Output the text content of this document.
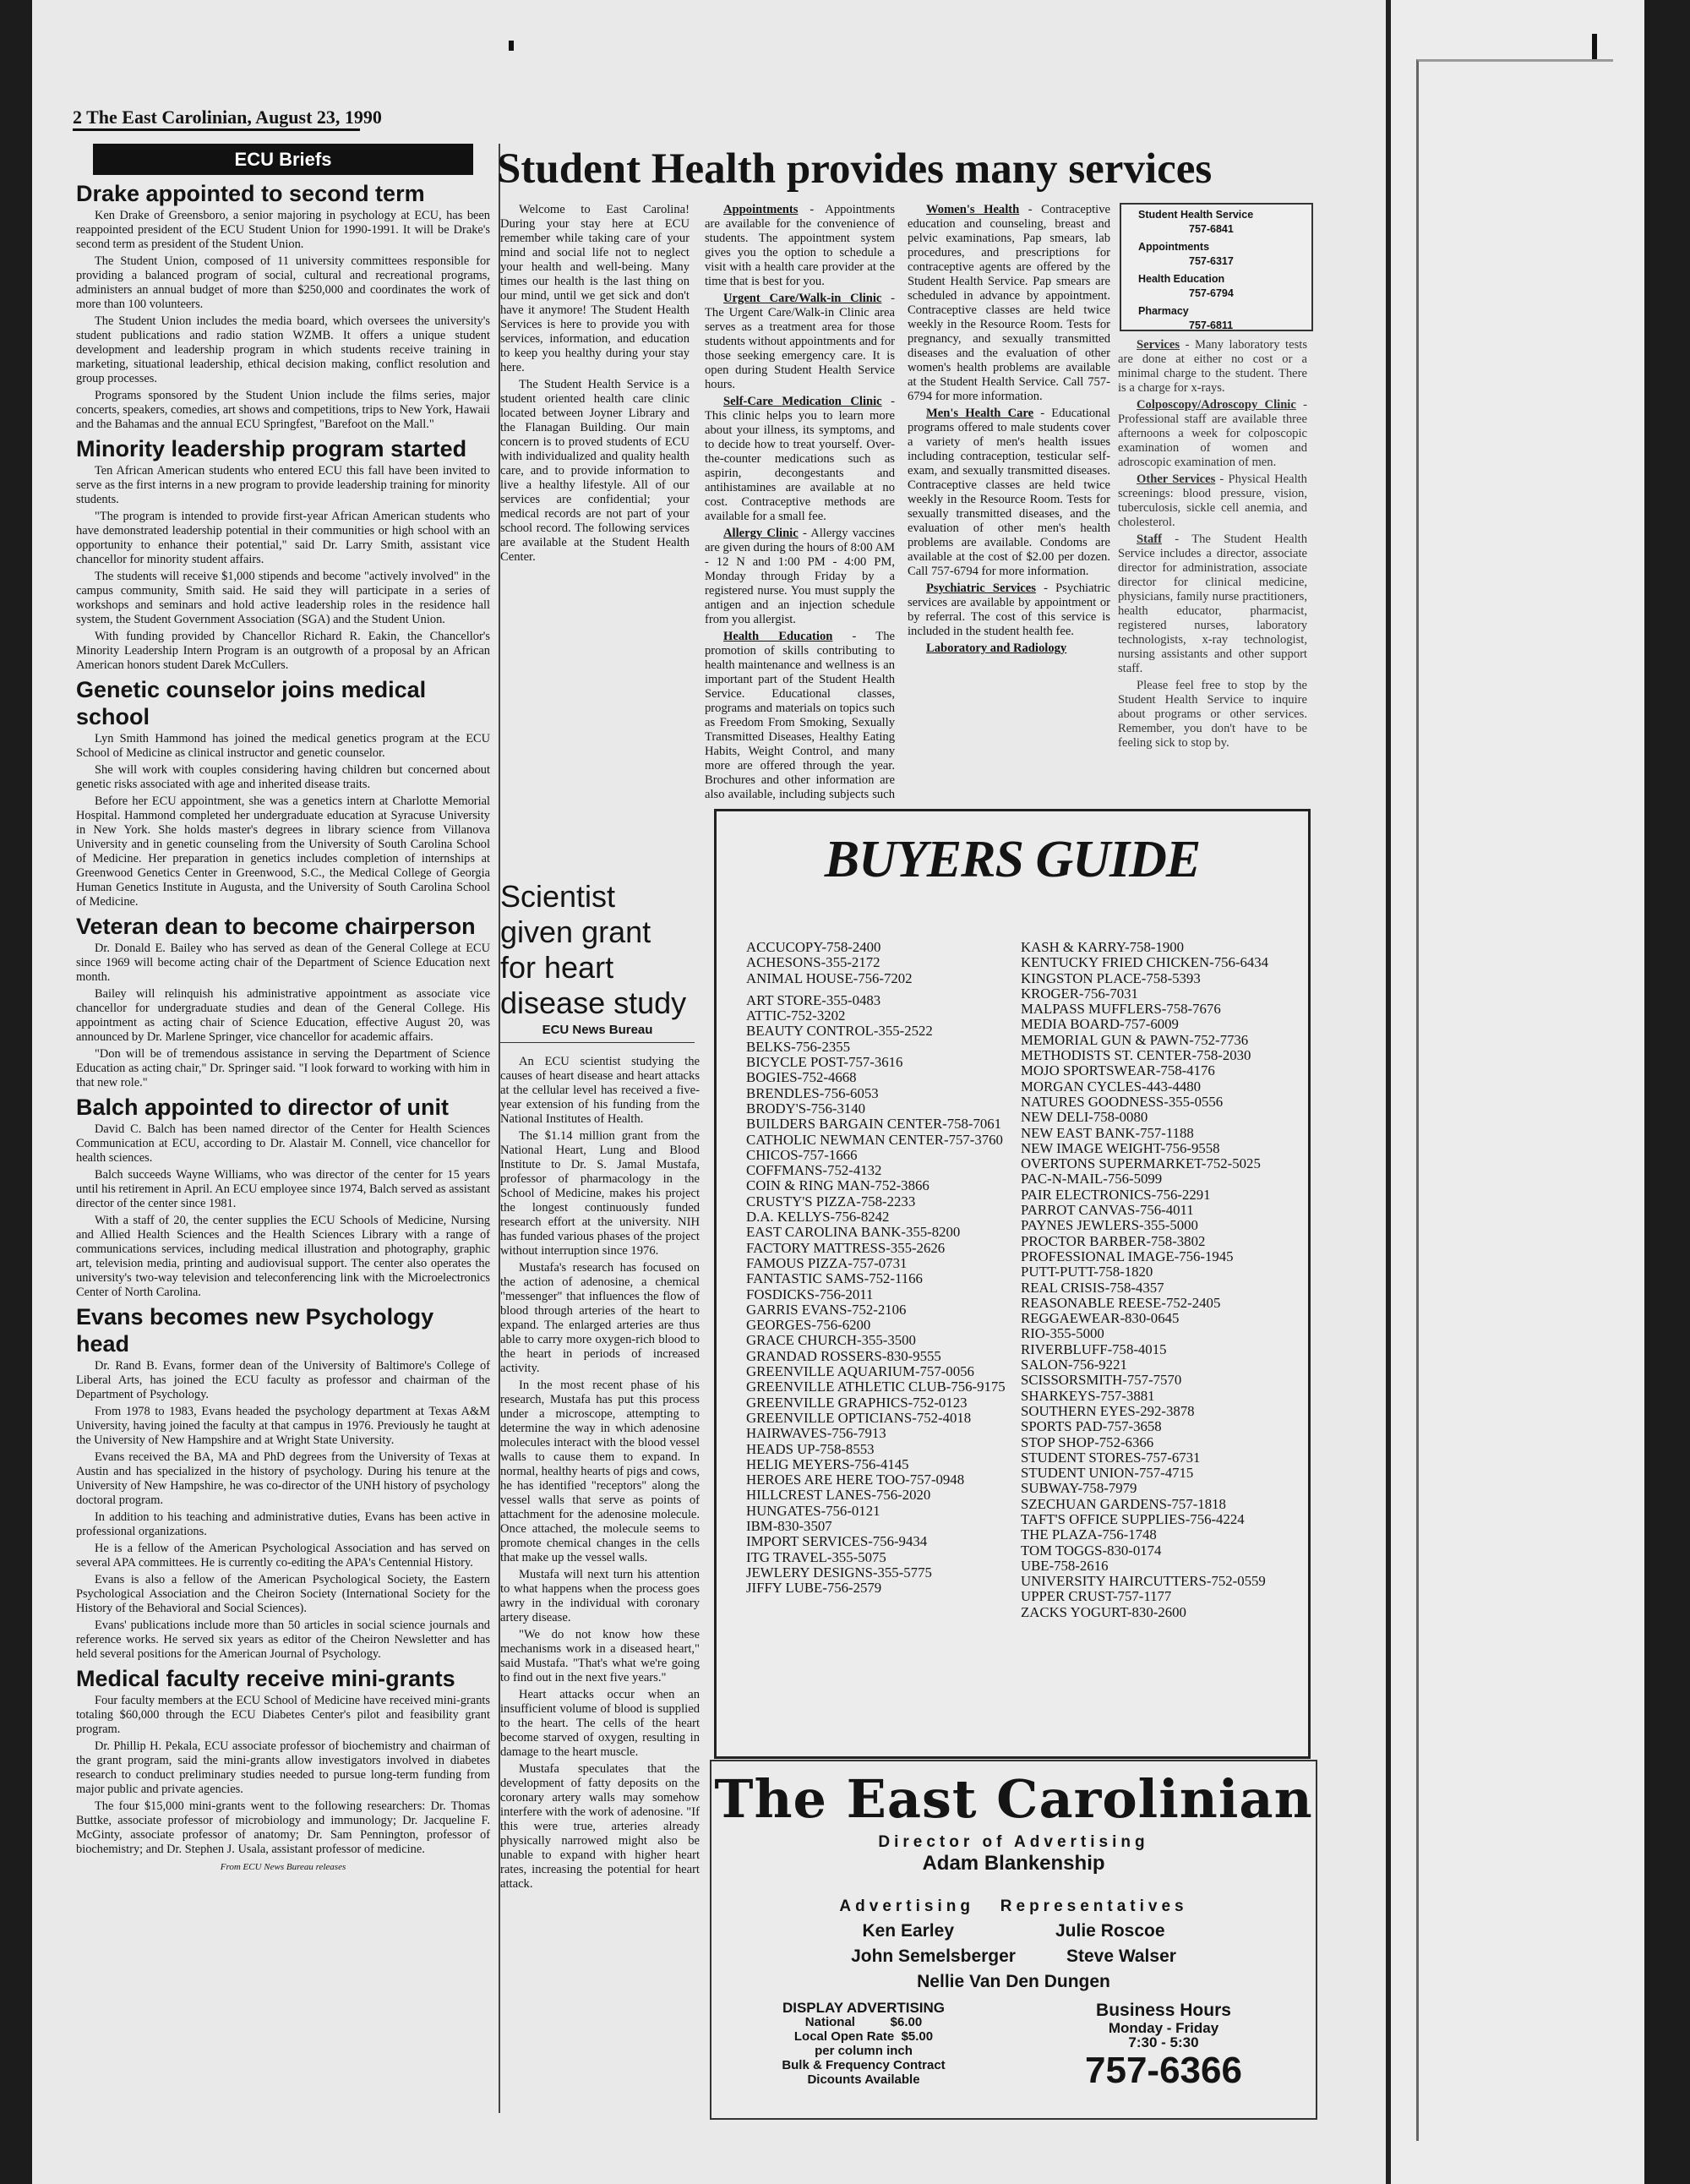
2 The East Carolinian, August 23, 1990
ECU Briefs
Drake appointed to second term

Ken Drake of Greensboro, a senior majoring in psychology at ECU, has been reappointed president of the ECU Student Union for 1990-1991. It will be Drake's second term as president of the Student Union.

The Student Union, composed of 11 university committees responsible for providing a balanced program of social, cultural and recreational programs, administers an annual budget of more than $250,000 and coordinates the work of more than 100 volunteers.

The Student Union includes the media board, which oversees the university's student publications and radio station WZMB. It offers a unique student development and leadership program in which students receive training in marketing, situational leadership, ethical decision making, conflict resolution and group processes.

Programs sponsored by the Student Union include the films series, major concerts, speakers, comedies, art shows and competitions, trips to New York, Hawaii and the Bahamas and the annual ECU Springfest, "Barefoot on the Mall."

Minority leadership program started

Ten African American students who entered ECU this fall have been invited to serve as the first interns in a new program to provide leadership training for minority students.

"The program is intended to provide first-year African American students who have demonstrated leadership potential in their communities or high school with an opportunity to enhance their potential," said Dr. Larry Smith, assistant vice chancellor for minority student affairs.

The students will receive $1,000 stipends and become "actively involved" in the campus community, Smith said. He said they will participate in a series of workshops and seminars and hold active leadership roles in the residence hall system, the Student Government Association (SGA) and the Student Union.

With funding provided by Chancellor Richard R. Eakin, the Chancellor's Minority Leadership Intern Program is an outgrowth of a proposal by an African American honors student Darek McCullers.

Genetic counselor joins medical school

Lyn Smith Hammond has joined the medical genetics program at the ECU School of Medicine as clinical instructor and genetic counselor.

She will work with couples considering having children but concerned about genetic risks associated with age and inherited disease traits.

Before her ECU appointment, she was a genetics intern at Charlotte Memorial Hospital. Hammond completed her undergraduate education at Syracuse University in New York. She holds master's degrees in library science from Villanova University and in genetic counseling from the University of South Carolina School of Medicine. Her preparation in genetics includes completion of internships at Greenwood Genetics Center in Greenwood, S.C., the Medical College of Georgia Human Genetics Institute in Augusta, and the University of South Carolina School of Medicine.

Veteran dean to become chairperson

Dr. Donald E. Bailey who has served as dean of the General College at ECU since 1969 will become acting chair of the Department of Science Education next month.

Bailey will relinquish his administrative appointment as associate vice chancellor for undergraduate studies and dean of the General College. His appointment as acting chair of Science Education, effective August 20, was announced by Dr. Marlene Springer, vice chancellor for academic affairs.

"Don will be of tremendous assistance in serving the Department of Science Education as acting chair," Dr. Springer said. "I look forward to working with him in that new role."

Balch appointed to director of unit

David C. Balch has been named director of the Center for Health Sciences Communication at ECU, according to Dr. Alastair M. Connell, vice chancellor for health sciences.

Balch succeeds Wayne Williams, who was director of the center for 15 years until his retirement in April. An ECU employee since 1974, Balch served as assistant director of the center since 1981.

With a staff of 20, the center supplies the ECU Schools of Medicine, Nursing and Allied Health Sciences and the Health Sciences Library with a range of communications services, including medical illustration and photography, graphic art, television media, printing and audiovisual support. The center also operates the university's two-way television and teleconferencing link with the Microelectronics Center of North Carolina.

Evans becomes new Psychology head

Dr. Rand B. Evans, former dean of the University of Baltimore's College of Liberal Arts, has joined the ECU faculty as professor and chairman of the Department of Psychology.

From 1978 to 1983, Evans headed the psychology department at Texas A&M University, having joined the faculty at that campus in 1976. Previously he taught at the University of New Hampshire and at Wright State University.

Evans received the BA, MA and PhD degrees from the University of Texas at Austin and has specialized in the history of psychology. During his tenure at the University of New Hampshire, he was co-director of the UNH history of psychology doctoral program.

In addition to his teaching and administrative duties, Evans has been active in professional organizations.

He is a fellow of the American Psychological Association and has served on several APA committees. He is currently co-editing the APA's Centennial History.

Evans is also a fellow of the American Psychological Society, the Eastern Psychological Association and the Cheiron Society (International Society for the History of the Behavioral and Social Sciences).

Evans' publications include more than 50 articles in social science journals and reference works. He served six years as editor of the Cheiron Newsletter and has held several positions for the American Journal of Psychology.

Medical faculty receive mini-grants

Four faculty members at the ECU School of Medicine have received mini-grants totaling $60,000 through the ECU Diabetes Center's pilot and feasibility grant program.

Dr. Phillip H. Pekala, ECU associate professor of biochemistry and chairman of the grant program, said the mini-grants allow investigators involved in diabetes research to conduct preliminary studies needed to pursue long-term funding from major public and private agencies.

The four $15,000 mini-grants went to the following researchers: Dr. Thomas Buttke, associate professor of microbiology and immunology; Dr. Jacqueline F. McGinty, associate professor of anatomy; Dr. Sam Pennington, professor of biochemistry; and Dr. Stephen J. Usala, assistant professor of medicine.

From ECU News Bureau releases
Student Health provides many services

Welcome to East Carolina! During your stay here at ECU remember while taking care of your mind and social life not to neglect your health and well-being. Many times our health is the last thing on our mind, until we get sick and don't have it anymore! The Student Health Services is here to provide you with services, information, and education to keep you healthy during your stay here.

The Student Health Service is a student oriented health care clinic located between Joyner Library and the Flanagan Building. Our main concern is to proved students of ECU with individualized and quality health care, and to provide information to live a healthy lifestyle. All of our services are confidential; your medical records are not part of your school record. The following services are available at the Student Health Center.

Appointments - Appointments are available for the convenience of students. The appointment system gives you the option to schedule a visit with a health care provider at the time that is best for you.

Urgent Care/Walk-in Clinic - The Urgent Care/Walk-in Clinic area serves as a treatment area for those students without appointments and for those seeking emergency care. It is open during Student Health Service hours.

Self-Care Medication Clinic - This clinic helps you to learn more about your illness, its symptoms, and to decide how to treat yourself. Over-the-counter medications such as aspirin, decongestants and antihistamines are available at no cost. Contraceptive methods are available for a small fee.

Allergy Clinic - Allergy vaccines are given during the hours of 8:00 AM - 12 N and 1:00 PM - 4:00 PM, Monday through Friday by a registered nurse. You must supply the antigen and an injection schedule from you allergist.

Health Education - The promotion of skills contributing to health maintenance and wellness is an important part of the Student Health Service. Educational classes, programs and materials on topics such as Freedom From Smoking, Sexually Transmitted Diseases, Healthy Eating Habits, Weight Control, and many more are offered through the year. Brochures and other information are also available, including subjects such

Women's Health - Contraceptive education and counseling, breast and pelvic examinations, Pap smears, lab procedures, and prescriptions for contraceptive agents are offered by the Student Health Service. Pap smears are scheduled in advance by appointment. Contraceptive classes are held twice weekly in the Resource Room. Tests for pregnancy, and sexually transmitted diseases and the evaluation of other women's health problems are available at the Student Health Service. Call 757-6794 for more information.

Men's Health Care - Educational programs offered to male students cover a variety of men's health issues including contraception, testicular self-exam, and sexually transmitted diseases. Contraceptive classes are held twice weekly in the Resource Room. Tests for sexually transmitted diseases, and the evaluation of other men's health problems are available. Condoms are available at the cost of $2.00 per dozen. Call 757-6794 for more information.

Psychiatric Services - Psychiatric services are available by appointment or by referral. The cost of this service is included in the student health fee.

Laboratory and Radiology

Student Health Service
757-6841
Appointments
757-6317
Health Education
757-6794
Pharmacy
757-6811

Services - Many laboratory tests are done at either no cost or a minimal charge to the student. There is a charge for x-rays.

Colposcopy/Adroscopy Clinic - Professional staff are available three afternoons a week for colposcopic examination of women and adroscopic examination of men.

Other Services - Physical Health screenings: blood pressure, vision, tuberculosis, sickle cell anemia, and cholesterol.

Staff - The Student Health Service includes a director, associate director for administration, associate director for clinical medicine, physicians, family nurse practitioners, health educator, pharmacist, registered nurses, laboratory technologists, x-ray technologist, nursing assistants and other support staff.

Please feel free to stop by the Student Health Service to inquire about programs or other services. Remember, you don't have to be feeling sick to stop by.

Scientist given grant for heart disease study
ECU News Bureau

An ECU scientist studying the causes of heart disease and heart attacks at the cellular level has received a five-year extension of his funding from the National Institutes of Health.

The $1.14 million grant from the National Heart, Lung and Blood Institute to Dr. S. Jamal Mustafa, professor of pharmacology in the School of Medicine, makes his project the longest continuously funded research effort at the university. NIH has funded various phases of the project without interruption since 1976.

Mustafa's research has focused on the action of adenosine, a chemical "messenger" that influences the flow of blood through arteries of the heart to expand. The enlarged arteries are thus able to carry more oxygen-rich blood to the heart in periods of increased activity.

In the most recent phase of his research, Mustafa has put this process under a microscope, attempting to determine the way in which adenosine molecules interact with the blood vessel walls to cause them to expand. In normal, healthy hearts of pigs and cows, he has identified "receptors" along the vessel walls that serve as points of attachment for the adenosine molecule. Once attached, the molecule seems to promote chemical changes in the cells that make up the vessel walls.

Mustafa will next turn his attention to what happens when the process goes awry in the individual with coronary artery disease.

"We do not know how these mechanisms work in a diseased heart," said Mustafa. "That's what we're going to find out in the next five years."

Heart attacks occur when an insufficient volume of blood is supplied to the heart. The cells of the heart become starved of oxygen, resulting in damage to the heart muscle.

Mustafa speculates that the development of fatty deposits on the coronary artery walls may somehow interfere with the work of adenosine. "If this were true, arteries already physically narrowed might also be unable to expand with higher heart rates, increasing the potential for heart attack.

BUYERS GUIDE
ACCUCOPY-758-2400
ACHESONS-355-2172
ANIMAL HOUSE-756-7202
ART STORE-355-0483
ATTIC-752-3202
BEAUTY CONTROL-355-2522
BELKS-756-2355
BICYCLE POST-757-3616
BOGIES-752-4668
BRENDLES-756-6053
BRODY'S-756-3140
BUILDERS BARGAIN CENTER-758-7061
CATHOLIC NEWMAN CENTER-757-3760
CHICOS-757-1666
COFFMANS-752-4132
COIN & RING MAN-752-3866
CRUSTY'S PIZZA-758-2233
D.A. KELLYS-756-8242
EAST CAROLINA BANK-355-8200
FACTORY MATTRESS-355-2626
FAMOUS PIZZA-757-0731
FANTASTIC SAMS-752-1166
FOSDICKS-756-2011
GARRIS EVANS-752-2106
GEORGES-756-6200
GRACE CHURCH-355-3500
GRANDAD ROSSERS-830-9555
GREENVILLE AQUARIUM-757-0056
GREENVILLE ATHLETIC CLUB-756-9175
GREENVILLE GRAPHICS-752-0123
GREENVILLE OPTICIANS-752-4018
HAIRWAVES-756-7913
HEADS UP-758-8553
HELIG MEYERS-756-4145
HEROES ARE HERE TOO-757-0948
HILLCREST LANES-756-2020
HUNGATES-756-0121
IBM-830-3507
IMPORT SERVICES-756-9434
ITG TRAVEL-355-5075
JEWLERY DESIGNS-355-5775
JIFFY LUBE-756-2579
KASH & KARRY-758-1900
KENTUCKY FRIED CHICKEN-756-6434
KINGSTON PLACE-758-5393
KROGER-756-7031
MALPASS MUFFLERS-758-7676
MEDIA BOARD-757-6009
MEMORIAL GUN & PAWN-752-7736
METHODISTS ST. CENTER-758-2030
MOJO SPORTSWEAR-758-4176
MORGAN CYCLES-443-4480
NATURES GOODNESS-355-0556
NEW DELI-758-0080
NEW EAST BANK-757-1188
NEW IMAGE WEIGHT-756-9558
OVERTONS SUPERMARKET-752-5025
PAC-N-MAIL-756-5099
PAIR ELECTRONICS-756-2291
PARROT CANVAS-756-4011
PAYNES JEWLERS-355-5000
PROCTOR BARBER-758-3802
PROFESSIONAL IMAGE-756-1945
PUTT-PUTT-758-1820
REAL CRISIS-758-4357
REASONABLE REESE-752-2405
REGGAEWEAR-830-0645
RIO-355-5000
RIVERBLUFF-758-4015
SALON-756-9221
SCISSORSMITH-757-7570
SHARKEYS-757-3881
SOUTHERN EYES-292-3878
SPORTS PAD-757-3658
STOP SHOP-752-6366
STUDENT STORES-757-6731
STUDENT UNION-757-4715
SUBWAY-758-7979
SZECHUAN GARDENS-757-1818
TAFT'S OFFICE SUPPLIES-756-4224
THE PLAZA-756-1748
TOM TOGGS-830-0174
UBE-758-2616
UNIVERSITY HAIRCUTTERS-752-0559
UPPER CRUST-757-1177
ZACKS YOGURT-830-2600
The East Carolinian
Director of Advertising
Adam Blankenship
Advertising   Representatives
Ken Earley	Julie Roscoe
John Semelsberger	Steve Walser
Nellie Van Den Dungen
DISPLAY ADVERTISING
National          $6.00
Local Open Rate  $5.00
per column inch
Bulk & Frequency Contract
Dicounts Available
Business Hours
Monday - Friday
7:30 - 5:30
757-6366
